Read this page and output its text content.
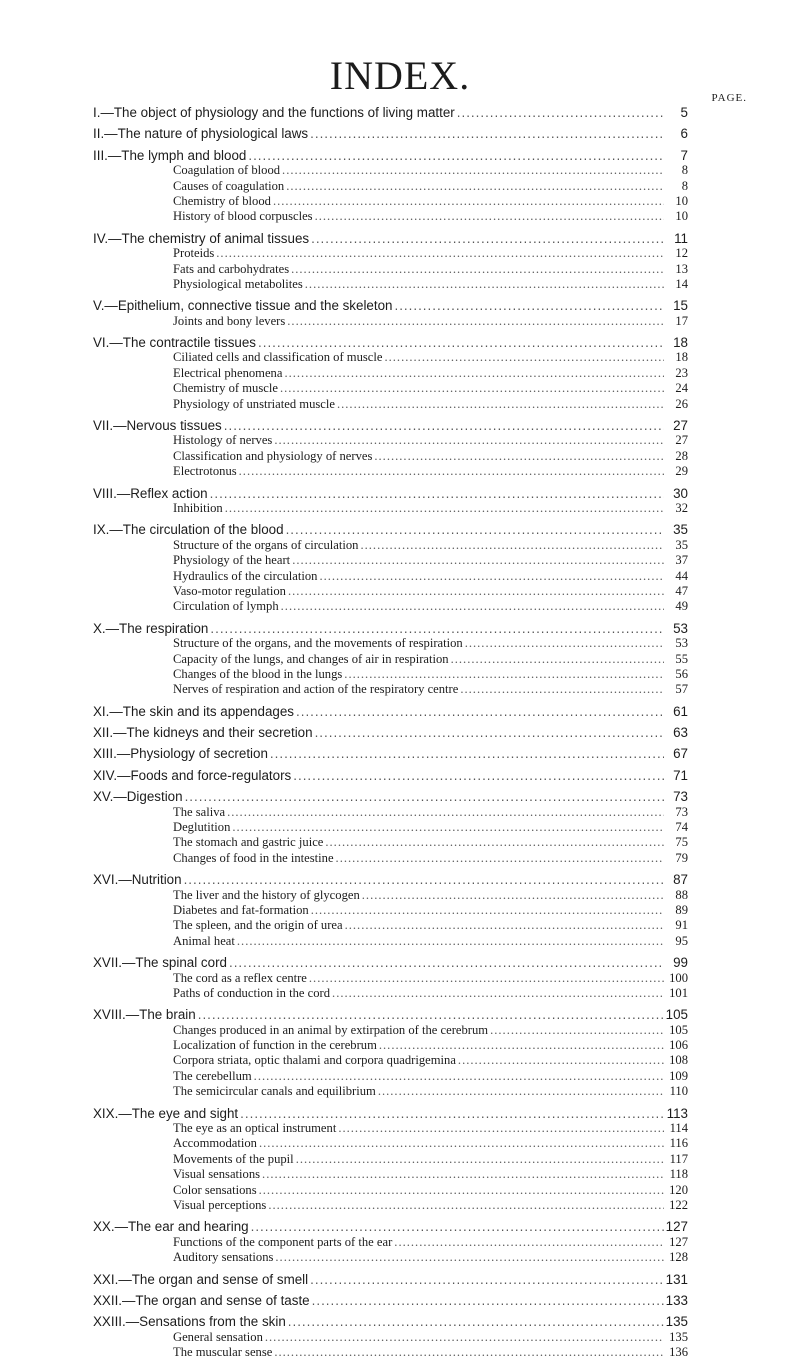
INDEX.	PAGE.
I.—The object of physiology and the functions of living matter .....	5
II.—The nature of physiological laws .....	6
III.—The lymph and blood .....	7
Coagulation of blood .....	8
Causes of coagulation .....	8
Chemistry of blood .....	10
History of blood corpuscles .....	10
IV.—The chemistry of animal tissues .....	11
Proteids .....	12
Fats and carbohydrates .....	13
Physiological metabolites .....	14
V.—Epithelium, connective tissue and the skeleton .....	15
Joints and bony levers .....	17
VI.—The contractile tissues .....	18
Ciliated cells and classification of muscle .....	18
Electrical phenomena .....	23
Chemistry of muscle .....	24
Physiology of unstriated muscle .....	26
VII.—Nervous tissues .....	27
Histology of nerves .....	27
Classification and physiology of nerves .....	28
Electrotonus .....	29
VIII.—Reflex action .....	30
Inhibition .....	32
IX.—The circulation of the blood .....	35
Structure of the organs of circulation .....	35
Physiology of the heart .....	37
Hydraulics of the circulation .....	44
Vaso-motor regulation .....	47
Circulation of lymph .....	49
X.—The respiration .....	53
Structure of the organs, and the movements of respiration .....	53
Capacity of the lungs, and changes of air in respiration .....	55
Changes of the blood in the lungs .....	56
Nerves of respiration and action of the respiratory centre .....	57
XI.—The skin and its appendages .....	61
XII.—The kidneys and their secretion .....	63
XIII.—Physiology of secretion .....	67
XIV.—Foods and force-regulators .....	71
XV.—Digestion .....	73
The saliva .....	73
Deglutition .....	74
The stomach and gastric juice .....	75
Changes of food in the intestine .....	79
XVI.—Nutrition .....	87
The liver and the history of glycogen .....	88
Diabetes and fat-formation .....	89
The spleen, and the origin of urea .....	91
Animal heat .....	95
XVII.—The spinal cord .....	99
The cord as a reflex centre .....	100
Paths of conduction in the cord .....	101
XVIII.—The brain .....	105
Changes produced in an animal by extirpation of the cerebrum .....	105
Localization of function in the cerebrum .....	106
Corpora striata, optic thalami and corpora quadrigemina .....	108
The cerebellum .....	109
The semicircular canals and equilibrium .....	110
XIX.—The eye and sight .....	113
The eye as an optical instrument .....	114
Accommodation .....	116
Movements of the pupil .....	117
Visual sensations .....	118
Color sensations .....	120
Visual perceptions .....	122
XX.—The ear and hearing .....	127
Functions of the component parts of the ear .....	127
Auditory sensations .....	128
XXI.—The organ and sense of smell .....	131
XXII.—The organ and sense of taste .....	133
XXIII.—Sensations from the skin .....	135
General sensation .....	135
The muscular sense .....	136
